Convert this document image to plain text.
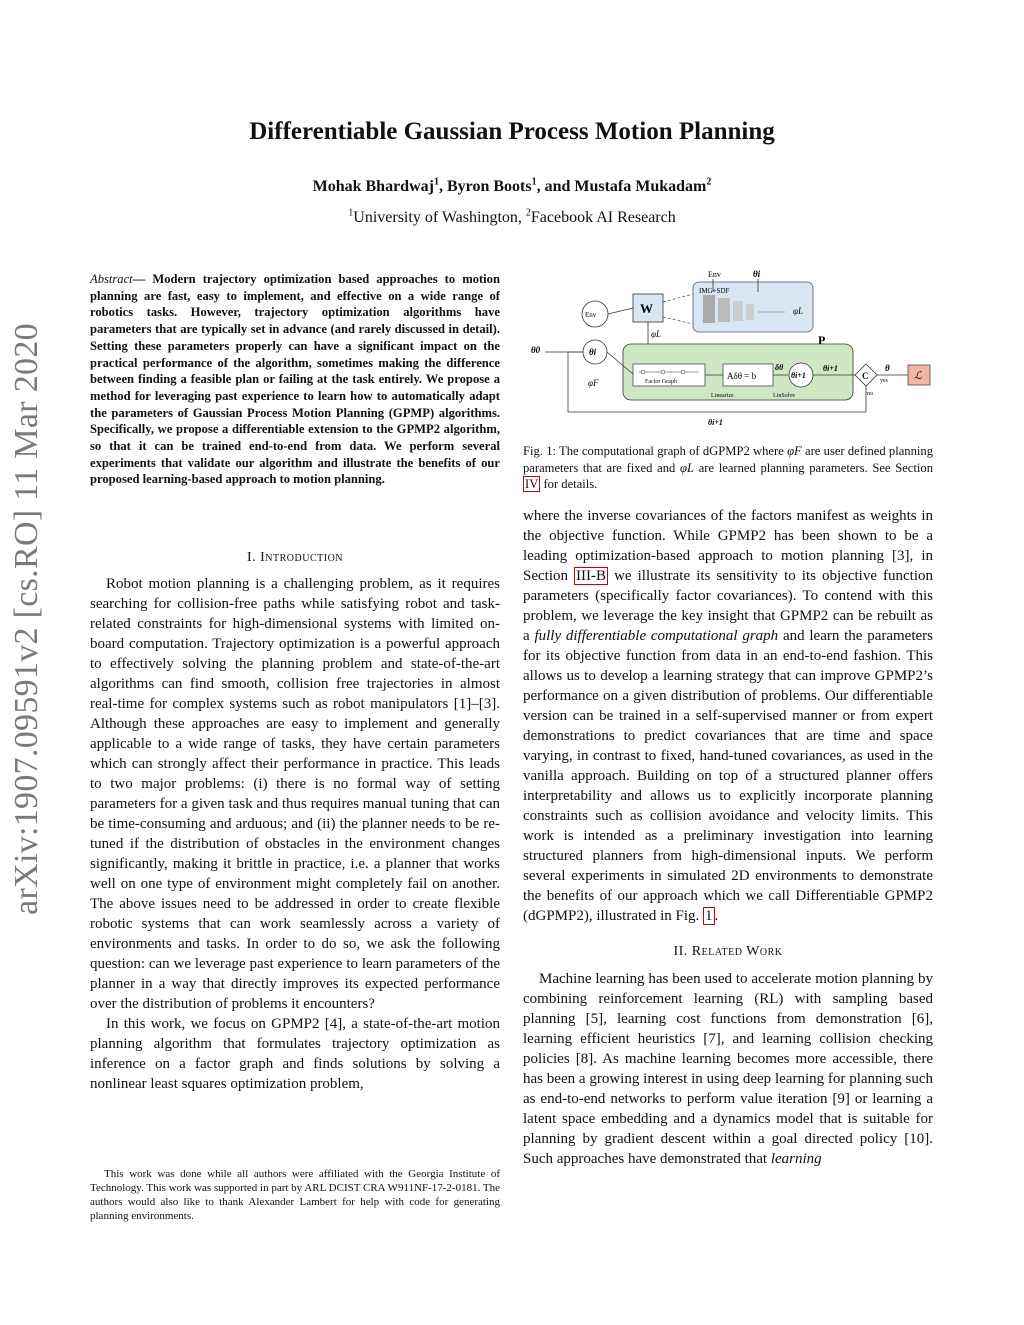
arXiv:1907.09591v2 [cs.RO] 11 Mar 2020
Differentiable Gaussian Process Motion Planning
Mohak Bhardwaj$^1$, Byron Boots$^1$, and Mustafa Mukadam$^2$
$^1$University of Washington, $^2$Facebook AI Research
Abstract— Modern trajectory optimization based approaches to motion planning are fast, easy to implement, and effective on a wide range of robotics tasks. However, trajectory optimization algorithms have parameters that are typically set in advance (and rarely discussed in detail). Setting these parameters properly can have a significant impact on the practical performance of the algorithm, sometimes making the difference between finding a feasible plan or failing at the task entirely. We propose a method for leveraging past experience to learn how to automatically adapt the parameters of Gaussian Process Motion Planning (GPMP) algorithms. Specifically, we propose a differentiable extension to the GPMP2 algorithm, so that it can be trained end-to-end from data. We perform several experiments that validate our algorithm and illustrate the benefits of our proposed learning-based approach to motion planning.
I. Introduction

Robot motion planning is a challenging problem, as it requires searching for collision-free paths while satisfying robot and task-related constraints for high-dimensional systems with limited on-board computation. Trajectory optimization is a powerful approach to effectively solving the planning problem and state-of-the-art algorithms can find smooth, collision free trajectories in almost real-time for complex systems such as robot manipulators [1]–[3]. Although these approaches are easy to implement and generally applicable to a wide range of tasks, they have certain parameters which can strongly affect their performance in practice. This leads to two major problems: (i) there is no formal way of setting parameters for a given task and thus requires manual tuning that can be time-consuming and arduous; and (ii) the planner needs to be re-tuned if the distribution of obstacles in the environment changes significantly, making it brittle in practice, i.e. a planner that works well on one type of environment might completely fail on another. The above issues need to be addressed in order to create flexible robotic systems that can work seamlessly across a variety of environments and tasks. In order to do so, we ask the following question: can we leverage past experience to learn parameters of the planner in a way that directly improves its expected performance over the distribution of problems it encounters?

In this work, we focus on GPMP2 [4], a state-of-the-art motion planning algorithm that formulates trajectory optimization as inference on a factor graph and finds solutions by solving a nonlinear least squares optimization problem,

This work was done while all authors were affiliated with the Georgia Institute of Technology. This work was supported in part by ARL DCIST CRA W911NF-17-2-0181. The authors would also like to thank Alexander Lambert for help with code for generating planning environments.
IMG+SDF
Env	θi
φL
Env	W
φL	P
θ0	θi
φF	Factor Graph
Aδθ = b
δθ
θi+1
Linearize	LinSolve
θi+1
C yes
no
θ
ℒ
θi+1
Fig. 1: The computational graph of dGPMP2 where φF are user defined planning parameters that are fixed and φL are learned planning parameters. See Section IV for details.

where the inverse covariances of the factors manifest as weights in the objective function. While GPMP2 has been shown to be a leading optimization-based approach to motion planning [3], in Section III-B we illustrate its sensitivity to its objective function parameters (specifically factor covariances). To contend with this problem, we leverage the key insight that GPMP2 can be rebuilt as a fully differentiable computational graph and learn the parameters for its objective function from data in an end-to-end fashion. This allows us to develop a learning strategy that can improve GPMP2’s performance on a given distribution of problems. Our differentiable version can be trained in a self-supervised manner or from expert demonstrations to predict covariances that are time and space varying, in contrast to fixed, hand-tuned covariances, as used in the vanilla approach. Building on top of a structured planner offers interpretability and allows us to explicitly incorporate planning constraints such as collision avoidance and velocity limits. This work is intended as a preliminary investigation into learning structured planners from high-dimensional inputs. We perform several experiments in simulated 2D environments to demonstrate the benefits of our approach which we call Differentiable GPMP2 (dGPMP2), illustrated in Fig. 1 .

II. Related Work

Machine learning has been used to accelerate motion planning by combining reinforcement learning (RL) with sampling based planning [5], learning cost functions from demonstration [6], learning efficient heuristics [7], and learning collision checking policies [8]. As machine learning becomes more accessible, there has been a growing interest in using deep learning for planning such as end-to-end networks to perform value iteration [9] or learning a latent space embedding and a dynamics model that is suitable for planning by gradient descent within a goal directed policy [10]. Such approaches have demonstrated that learning
